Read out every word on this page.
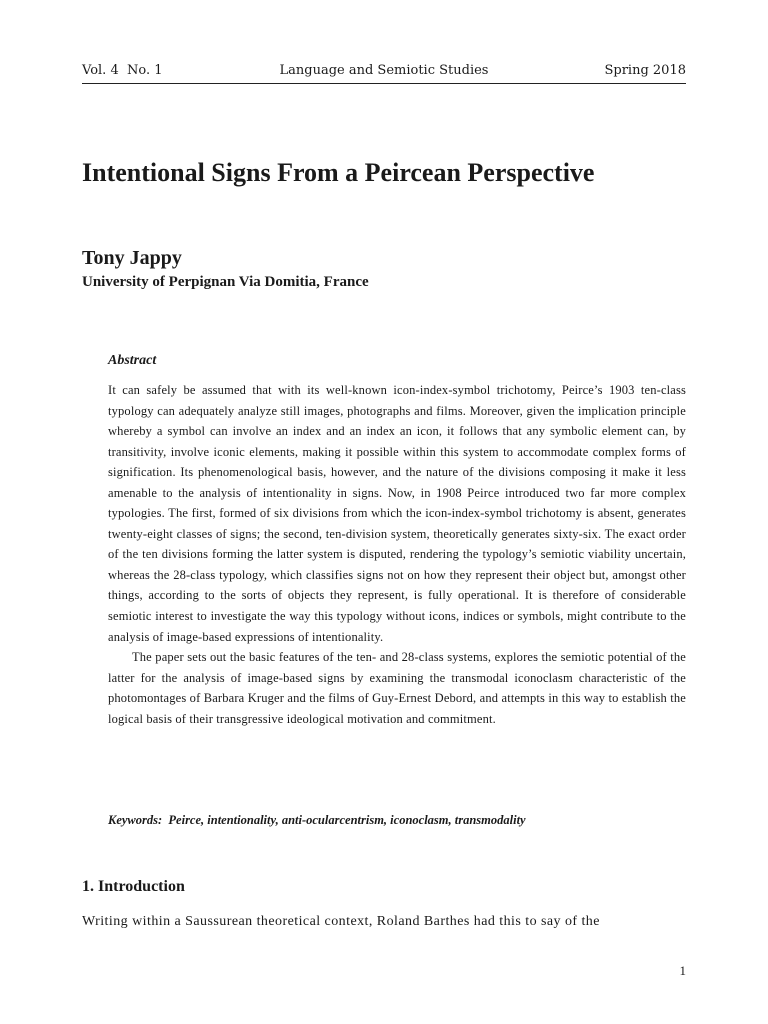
Language and Semiotic Studies
Vol. 4  No. 1	Spring 2018
Intentional Signs From a Peircean Perspective
Tony Jappy
University of Perpignan Via Domitia, France
Abstract

It can safely be assumed that with its well-known icon-index-symbol trichotomy, Peirce’s 1903 ten-class typology can adequately analyze still images, photographs and films. Moreover, given the implication principle whereby a symbol can involve an index and an index an icon, it follows that any symbolic element can, by transitivity, involve iconic elements, making it possible within this system to accommodate complex forms of signification. Its phenomenological basis, however, and the nature of the divisions composing it make it less amenable to the analysis of intentionality in signs. Now, in 1908 Peirce introduced two far more complex typologies. The first, formed of six divisions from which the icon-index-symbol trichotomy is absent, generates twenty-eight classes of signs; the second, ten-division system, theoretically generates sixty-six. The exact order of the ten divisions forming the latter system is disputed, rendering the typology’s semiotic viability uncertain, whereas the 28-class typology, which classifies signs not on how they represent their object but, amongst other things, according to the sorts of objects they represent, is fully operational. It is therefore of considerable semiotic interest to investigate the way this typology without icons, indices or symbols, might contribute to the analysis of image-based expressions of intentionality.

The paper sets out the basic features of the ten- and 28-class systems, explores the semiotic potential of the latter for the analysis of image-based signs by examining the transmodal iconoclasm characteristic of the photomontages of Barbara Kruger and the films of Guy-Ernest Debord, and attempts in this way to establish the logical basis of their transgressive ideological motivation and commitment.

Keywords:  Peirce, intentionality, anti-ocularcentrism, iconoclasm, transmodality
1. Introduction
Writing within a Saussurean theoretical context, Roland Barthes had this to say of the
1
